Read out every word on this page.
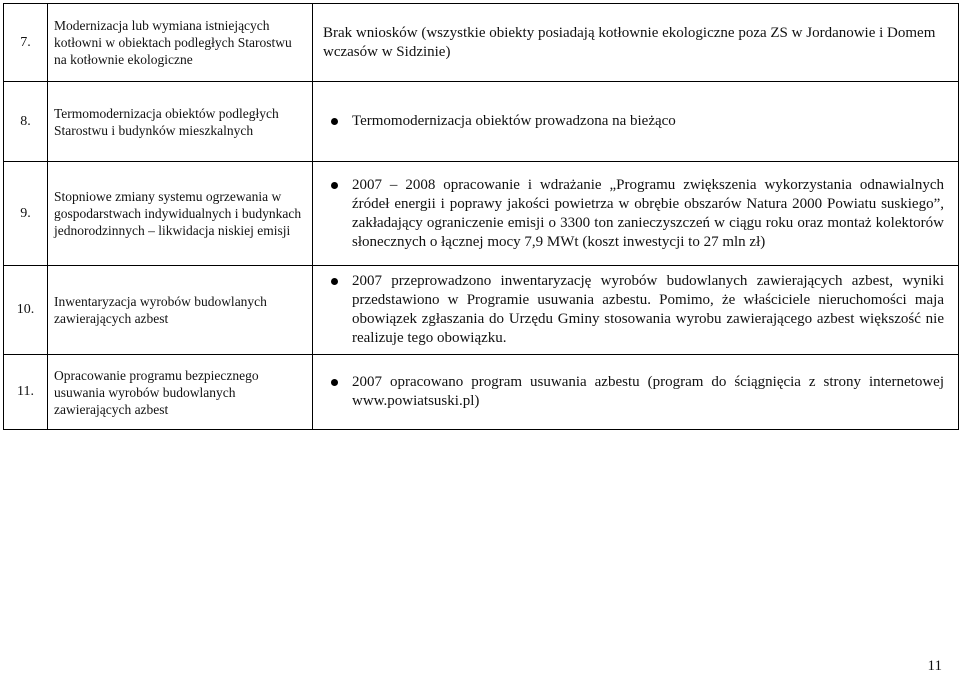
7.
Modernizacja lub wymiana istniejących kotłowni w obiektach podległych Starostwu na kotłownie ekologiczne
Brak wniosków (wszystkie obiekty posiadają kotłownie ekologiczne poza ZS w Jordanowie i Domem wczasów w Sidzinie)
8.
Termomodernizacja obiektów podległych Starostwu i budynków mieszkalnych
Termomodernizacja obiektów prowadzona na bieżąco
9.
Stopniowe zmiany systemu ogrzewania w gospodarstwach indywidualnych i budynkach jednorodzinnych – likwidacja niskiej emisji
2007 – 2008 opracowanie i wdrażanie „Programu zwiększenia wykorzystania odnawialnych źródeł energii i poprawy jakości powietrza w obrębie obszarów Natura 2000 Powiatu suskiego”, zakładający ograniczenie emisji o 3300 ton zanieczyszczeń w ciągu roku oraz montaż kolektorów słonecznych o łącznej mocy 7,9 MWt (koszt inwestycji to 27 mln zł)
10.
Inwentaryzacja wyrobów budowlanych zawierających azbest
2007 przeprowadzono inwentaryzację wyrobów budowlanych zawierających azbest, wyniki przedstawiono w Programie usuwania azbestu. Pomimo, że właściciele nieruchomości maja obowiązek zgłaszania do Urzędu Gminy stosowania wyrobu zawierającego azbest większość nie realizuje tego obowiązku.
11.
Opracowanie programu bezpiecznego usuwania wyrobów budowlanych zawierających azbest
2007 opracowano program usuwania azbestu (program do ściągnięcia z strony internetowej www.powiatsuski.pl)
11
